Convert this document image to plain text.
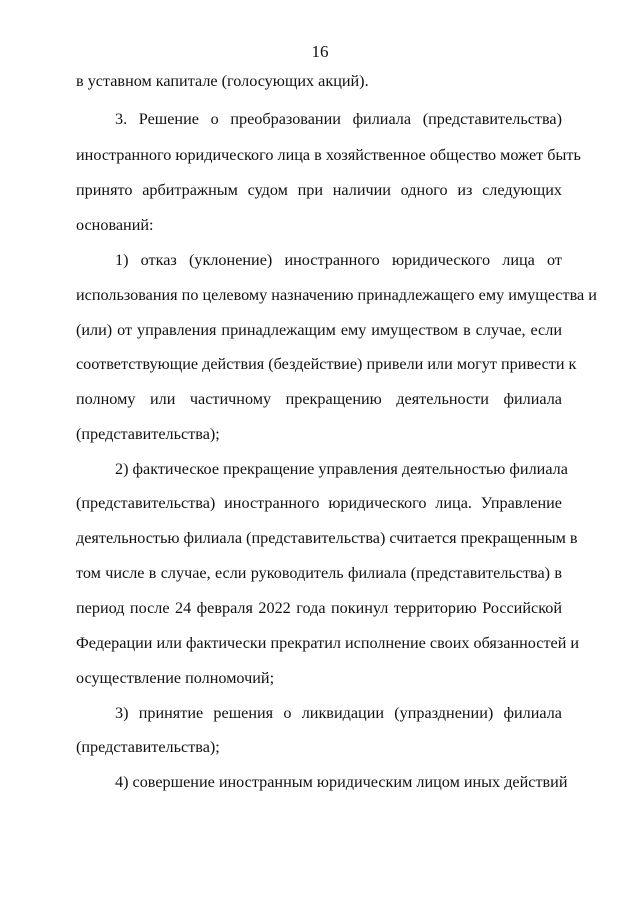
16
в уставном капитале (голосующих акций).
3. Решение о преобразовании филиала (представительства)
иностранного юридического лица в хозяйственное общество может быть
принято арбитражным судом при наличии одного из следующих
оснований:
1) отказ (уклонение) иностранного юридического лица от
использования по целевому назначению принадлежащего ему имущества и
(или) от управления принадлежащим ему имуществом в случае, если
соответствующие действия (бездействие) привели или могут привести к
полному или частичному прекращению деятельности филиала
(представительства);
2) фактическое прекращение управления деятельностью филиала
(представительства) иностранного юридического лица. Управление
деятельностью филиала (представительства) считается прекращенным в
том числе в случае, если руководитель филиала (представительства) в
период после 24 февраля 2022 года покинул территорию Российской
Федерации или фактически прекратил исполнение своих обязанностей и
осуществление полномочий;
3) принятие решения о ликвидации (упразднении) филиала
(представительства);
4) совершение иностранным юридическим лицом иных действий
